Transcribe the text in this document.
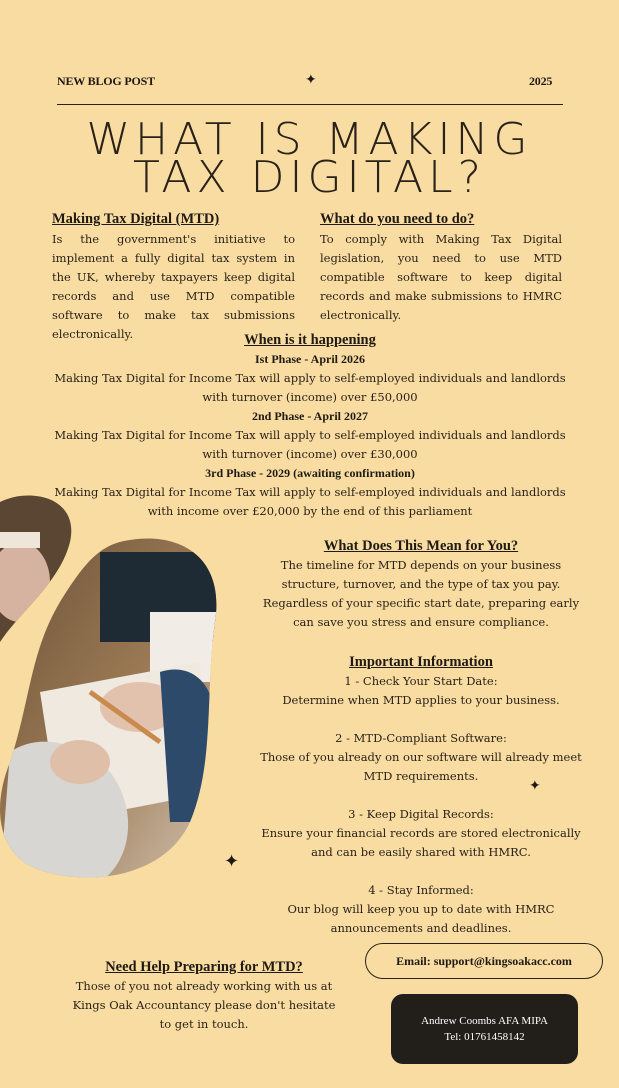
NEW BLOG POST	✦	2025
WHAT IS MAKING
TAX DIGITAL?
Making Tax Digital (MTD)
Is the government's initiative to implement a fully digital tax system in the UK, whereby taxpayers keep digital records and use MTD compatible software to make tax submissions electronically.
What do you need to do?
To comply with Making Tax Digital legislation, you need to use MTD compatible software to keep digital records and make submissions to HMRC electronically.
When is it happening
Ist Phase - April 2026
Making Tax Digital for Income Tax will apply to self-employed individuals and landlords with turnover (income) over £50,000
2nd Phase - April 2027
Making Tax Digital for Income Tax will apply to self-employed individuals and landlords with turnover (income) over £30,000
3rd Phase - 2029 (awaiting confirmation)
Making Tax Digital for Income Tax will apply to self-employed individuals and landlords with income over £20,000 by the end of this parliament
✦
✦
What Does This Mean for You?
The timeline for MTD depends on your business structure, turnover, and the type of tax you pay.
Regardless of your specific start date, preparing early can save you stress and ensure compliance.
Important Information
1 - Check Your Start Date:
Determine when MTD applies to your business.
2 - MTD-Compliant Software:
Those of you already on our software will already meet MTD requirements.
3 - Keep Digital Records:
Ensure your financial records are stored electronically and can be easily shared with HMRC.
4 - Stay Informed:
Our blog will keep you up to date with HMRC announcements and deadlines.
Need Help Preparing for MTD?
Those of you not already working with us at Kings Oak Accountancy please don't hesitate to get in touch.
Email: support@kingsoakacc.com
Andrew Coombs AFA MIPA
Tel: 01761458142
